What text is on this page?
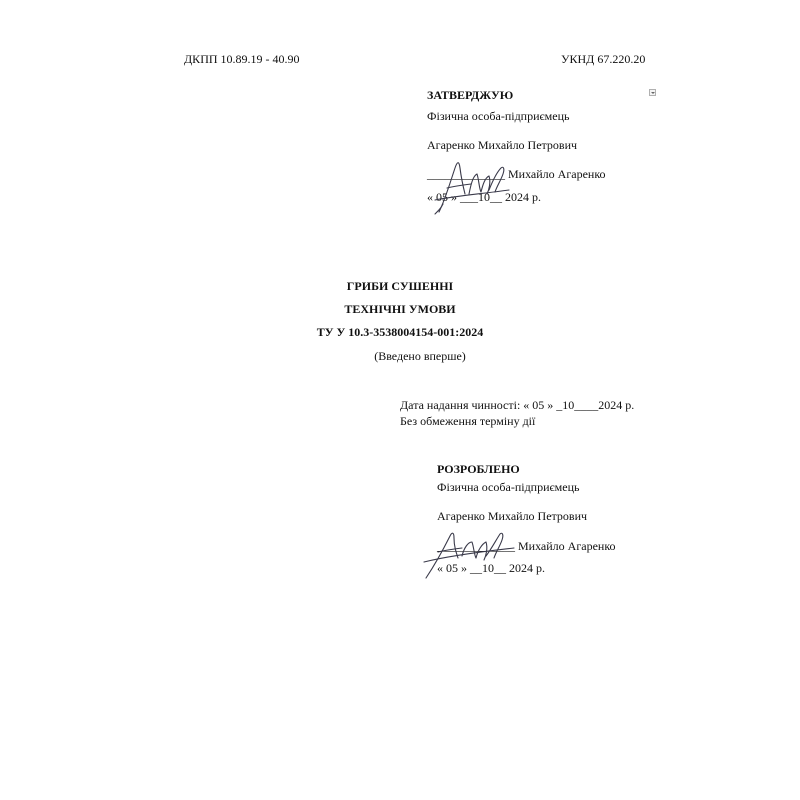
ДКПП 10.89.19 - 40.90	УКНД 67.220.20
ЗАТВЕРДЖУЮ
Фізична особа-підприємець
Агаренко Михайло Петрович
_____________ Михайло Агаренко
« 05 » ___10__ 2024 р.
ГРИБИ СУШЕННІ
ТЕХНІЧНІ УМОВИ
ТУ У 10.3-3538004154-001:2024
(Введено вперше)
Дата надання чинності: « 05 » _10____2024 р.
Без обмеження терміну дії
РОЗРОБЛЕНО
Фізична особа-підприємець
Агаренко Михайло Петрович
_____________ Михайло Агаренко
« 05 » __10__ 2024 р.
